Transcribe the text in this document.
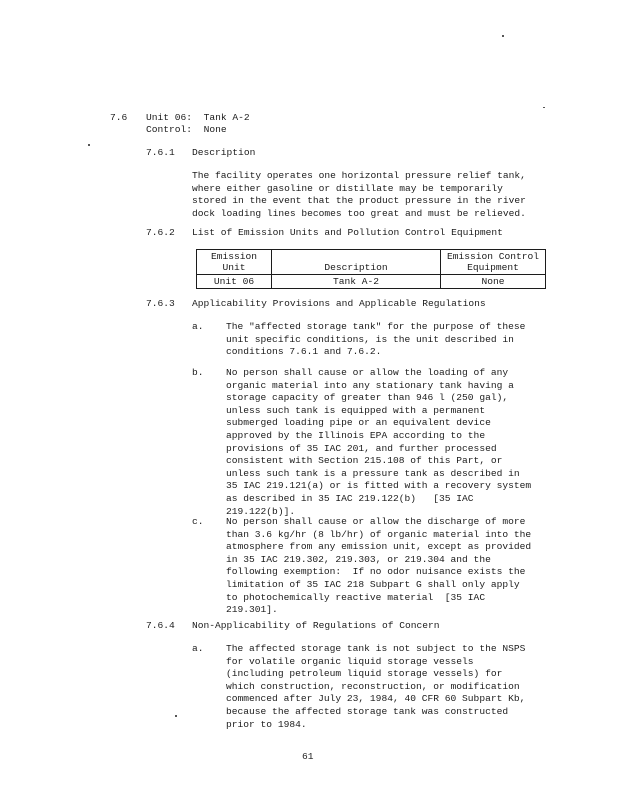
7.6 Unit 06:  Tank A-2
Control:  None
7.6.1 Description
The facility operates one horizontal pressure relief tank,
where either gasoline or distillate may be temporarily
stored in the event that the product pressure in the river
dock loading lines becomes too great and must be relieved.
7.6.2 List of Emission Units and Pollution Control Equipment
Emission
Unit	Description	Emission Control
Equipment
Unit 06	Tank A-2	None
7.6.3 Applicability Provisions and Applicable Regulations
a. The "affected storage tank" for the purpose of these
unit specific conditions, is the unit described in
conditions 7.6.1 and 7.6.2.
b. No person shall cause or allow the loading of any
organic material into any stationary tank having a
storage capacity of greater than 946 l (250 gal),
unless such tank is equipped with a permanent
submerged loading pipe or an equivalent device
approved by the Illinois EPA according to the
provisions of 35 IAC 201, and further processed
consistent with Section 215.108 of this Part, or
unless such tank is a pressure tank as described in
35 IAC 219.121(a) or is fitted with a recovery system
as described in 35 IAC 219.122(b)   [35 IAC
219.122(b)].
c. No person shall cause or allow the discharge of more
than 3.6 kg/hr (8 lb/hr) of organic material into the
atmosphere from any emission unit, except as provided
in 35 IAC 219.302, 219.303, or 219.304 and the
following exemption:  If no odor nuisance exists the
limitation of 35 IAC 218 Subpart G shall only apply
to photochemically reactive material  [35 IAC
219.301].
7.6.4 Non-Applicability of Regulations of Concern
a. The affected storage tank is not subject to the NSPS
for volatile organic liquid storage vessels
(including petroleum liquid storage vessels) for
which construction, reconstruction, or modification
commenced after July 23, 1984, 40 CFR 60 Subpart Kb,
because the affected storage tank was constructed
prior to 1984.
61
